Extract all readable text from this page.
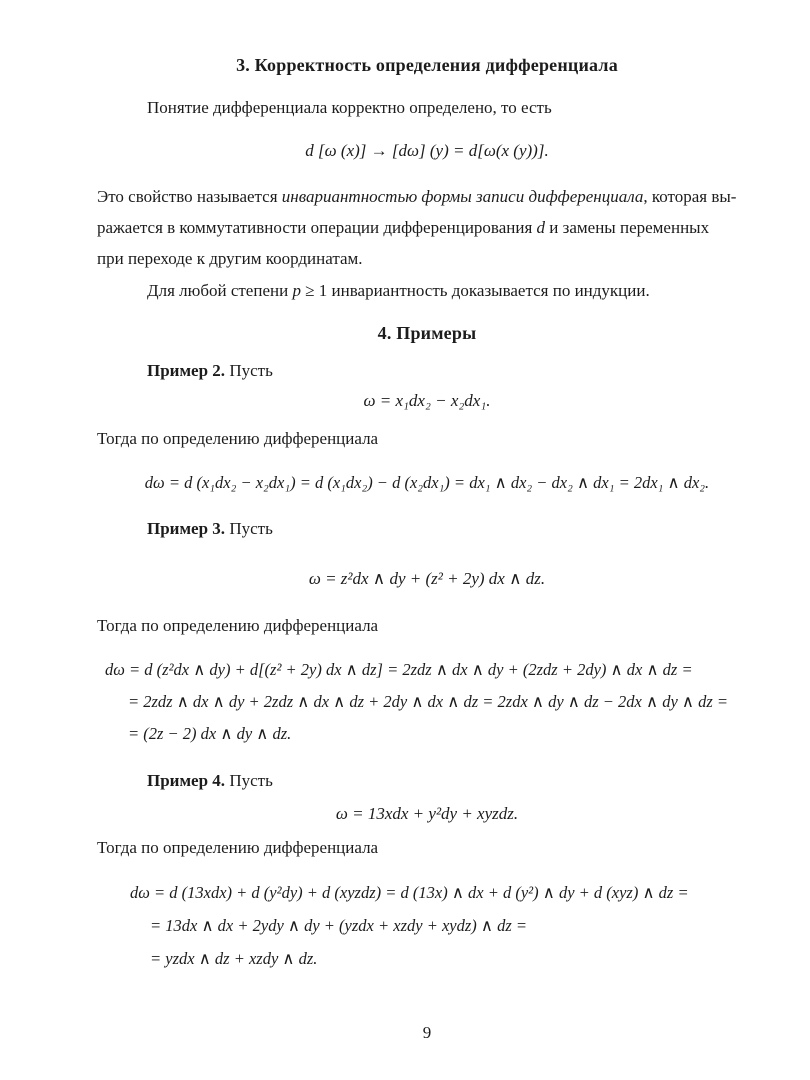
3. Корректность определения дифференциала
Понятие дифференциала корректно определено, то есть
d [ω (x)] → [dω] (y) = d[ω(x (y))].
Это свойство называется инвариантностью формы записи дифференциала, которая вы-
ражается в коммутативности операции дифференцирования d и замены переменных
при переходе к другим координатам.
Для любой степени p ≥ 1 инвариантность доказывается по индукции.
4. Примеры
Пример 2. Пусть
ω = x₁dx₂ − x₂dx₁.
Тогда по определению дифференциала
dω = d (x₁dx₂ − x₂dx₁) = d (x₁dx₂) − d (x₂dx₁) = dx₁ ∧ dx₂ − dx₂ ∧ dx₁ = 2dx₁ ∧ dx₂.
Пример 3. Пусть
ω = z²dx ∧ dy + (z² + 2y) dx ∧ dz.
Тогда по определению дифференциала
dω = d (z²dx ∧ dy) + d[(z² + 2y) dx ∧ dz] = 2zdz ∧ dx ∧ dy + (2zdz + 2dy) ∧ dx ∧ dz =
= 2zdz ∧ dx ∧ dy + 2zdz ∧ dx ∧ dz + 2dy ∧ dx ∧ dz = 2zdx ∧ dy ∧ dz − 2dx ∧ dy ∧ dz =
= (2z − 2) dx ∧ dy ∧ dz.
Пример 4. Пусть
ω = 13xdx + y²dy + xyzdz.
Тогда по определению дифференциала
dω = d (13xdx) + d (y²dy) + d (xyzdz) = d (13x) ∧ dx + d (y²) ∧ dy + d (xyz) ∧ dz =
= 13dx ∧ dx + 2ydy ∧ dy + (yzdx + xzdy + xydz) ∧ dz =
= yzdx ∧ dz + xzdy ∧ dz.
9
